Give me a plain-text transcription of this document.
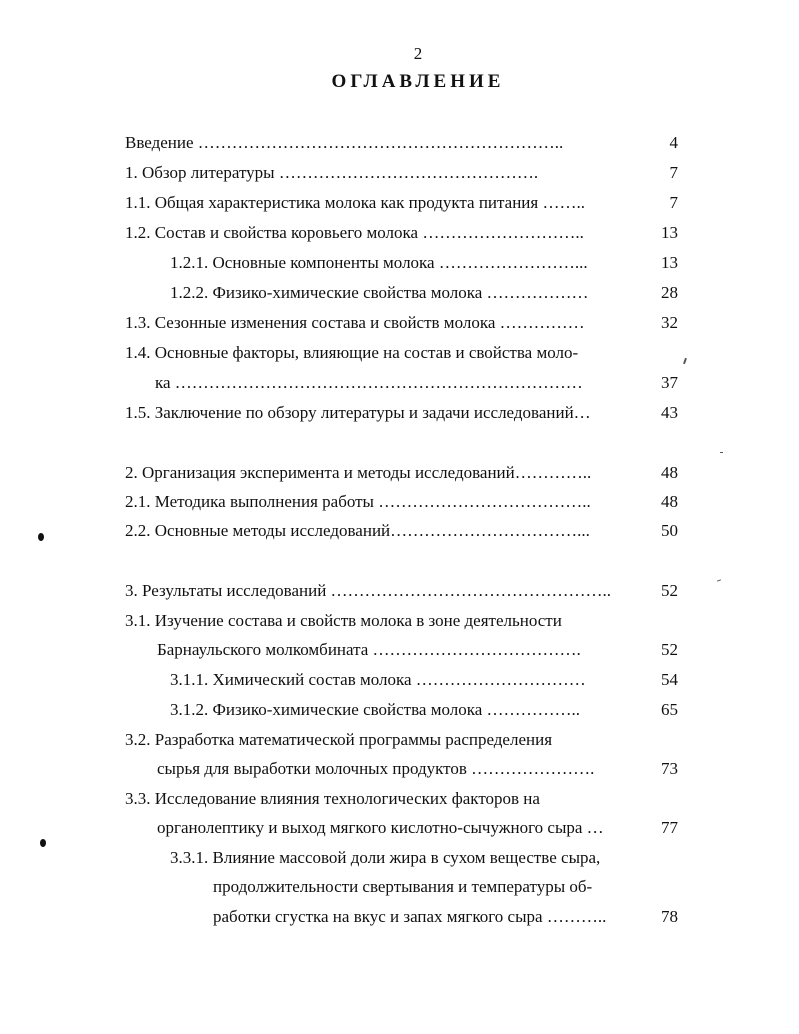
2
ОГЛАВЛЕНИЕ
Введение ………………………………………………………..	4
1. Обзор литературы ……………………………………….	7
1.1. Общая характеристика молока как продукта питания ……..	7
1.2. Состав и свойства коровьего молока ………………………..	13
1.2.1. Основные компоненты молока ……………………...	13
1.2.2. Физико-химические свойства молока ………………	28
1.3. Сезонные изменения состава и свойств молока ……………	32
1.4. Основные факторы, влияющие на состав и свойства моло-
ка ………………………………………………………………	37
1.5. Заключение по обзору литературы и задачи исследований…	43
2. Организация эксперимента и методы исследований…………..	48
2.1. Методика выполнения работы ………………………………..	48
2.2. Основные методы исследований……………………………...	50
3. Результаты исследований …………………………………………..	52
3.1. Изучение состава и свойств молока в зоне деятельности
Барнаульского молкомбината ……………………………….	52
3.1.1. Химический состав молока …………………………	54
3.1.2. Физико-химические свойства молока ……………..	65
3.2. Разработка математической программы распределения
сырья для выработки молочных продуктов ………………….	73
3.3. Исследование влияния технологических факторов на
органолептику и выход мягкого кислотно-сычужного сыра …	77
3.3.1. Влияние массовой доли жира в сухом веществе сыра,
продолжительности свертывания и температуры об-
работки сгустка на вкус и запах мягкого сыра ………..	78
